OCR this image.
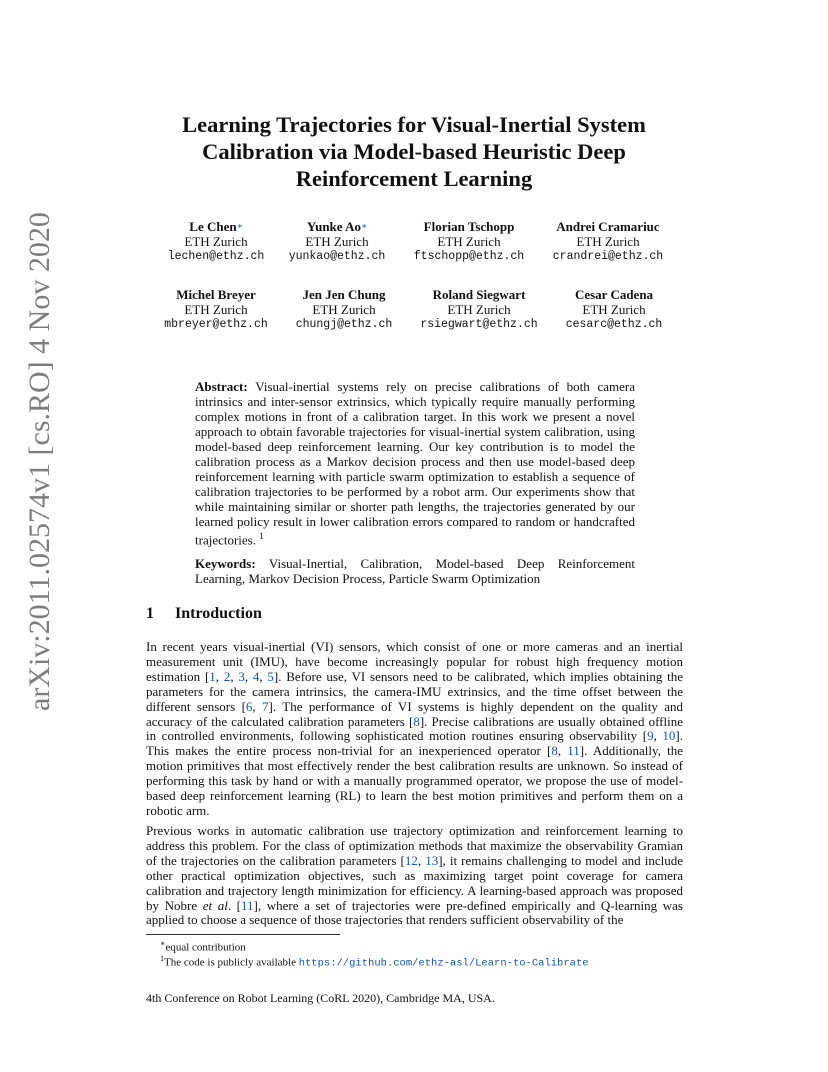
arXiv:2011.02574v1 [cs.RO] 4 Nov 2020
Learning Trajectories for Visual-Inertial System
Calibration via Model-based Heuristic Deep
Reinforcement Learning
Le Chen∗
ETH Zurich
lechen@ethz.ch
Yunke Ao∗
ETH Zurich
yunkao@ethz.ch
Florian Tschopp
ETH Zurich
ftschopp@ethz.ch
Andrei Cramariuc
ETH Zurich
crandrei@ethz.ch
Michel Breyer
ETH Zurich
mbreyer@ethz.ch
Jen Jen Chung
ETH Zurich
chungj@ethz.ch
Roland Siegwart
ETH Zurich
rsiegwart@ethz.ch
Cesar Cadena
ETH Zurich
cesarc@ethz.ch
Abstract: Visual-inertial systems rely on precise calibrations of both camera intrinsics and inter-sensor extrinsics, which typically require manually performing complex motions in front of a calibration target. In this work we present a novel approach to obtain favorable trajectories for visual-inertial system calibration, using model-based deep reinforcement learning. Our key contribution is to model the calibration process as a Markov decision process and then use model-based deep reinforcement learning with particle swarm optimization to establish a sequence of calibration trajectories to be performed by a robot arm. Our experiments show that while maintaining similar or shorter path lengths, the trajectories generated by our learned policy result in lower calibration errors compared to random or handcrafted trajectories. $^1$
Keywords: Visual-Inertial, Calibration, Model-based Deep Reinforcement Learning, Markov Decision Process, Particle Swarm Optimization
1 Introduction
In recent years visual-inertial (VI) sensors, which consist of one or more cameras and an inertial measurement unit (IMU), have become increasingly popular for robust high frequency motion estimation [1, 2, 3, 4, 5]. Before use, VI sensors need to be calibrated, which implies obtaining the parameters for the camera intrinsics, the camera-IMU extrinsics, and the time offset between the different sensors [6, 7]. The performance of VI systems is highly dependent on the quality and accuracy of the calculated calibration parameters [8]. Precise calibrations are usually obtained offline in controlled environments, following sophisticated motion routines ensuring observability [9, 10]. This makes the entire process non-trivial for an inexperienced operator [8, 11]. Additionally, the motion primitives that most effectively render the best calibration results are unknown. So instead of performing this task by hand or with a manually programmed operator, we propose the use of model-based deep reinforcement learning (RL) to learn the best motion primitives and perform them on a robotic arm.
Previous works in automatic calibration use trajectory optimization and reinforcement learning to address this problem. For the class of optimization methods that maximize the observability Gramian of the trajectories on the calibration parameters [12, 13], it remains challenging to model and include other practical optimization objectives, such as maximizing target point coverage for camera calibration and trajectory length minimization for efficiency. A learning-based approach was proposed by Nobre et al. [11], where a set of trajectories were pre-defined empirically and Q-learning was applied to choose a sequence of those trajectories that renders sufficient observability of the
∗equal contribution
$^1$The code is publicly available https://github.com/ethz-asl/Learn-to-Calibrate
4th Conference on Robot Learning (CoRL 2020), Cambridge MA, USA.
